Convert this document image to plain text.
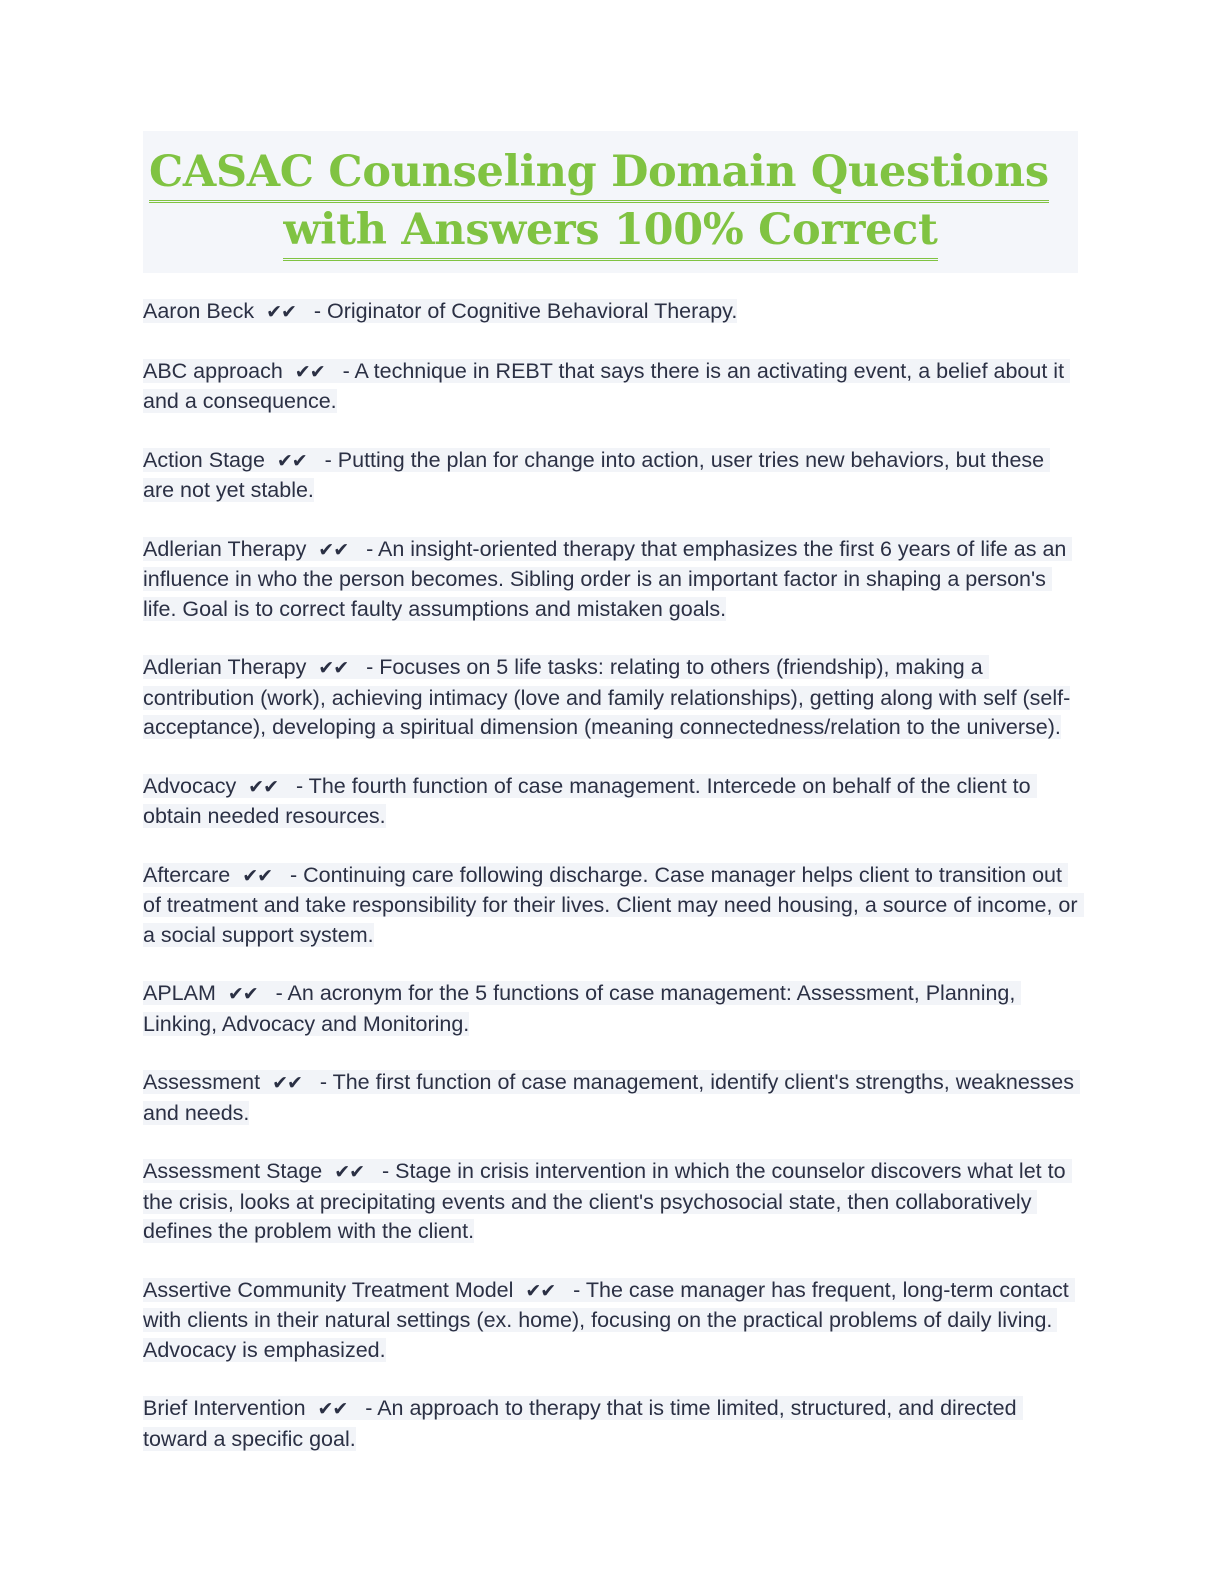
CASAC Counseling Domain Questions
with Answers 100% Correct

Aaron Beck ✔✔ - Originator of Cognitive Behavioral Therapy.

ABC approach ✔✔ - A technique in REBT that says there is an activating event, a belief about it and a consequence.

Action Stage ✔✔ - Putting the plan for change into action, user tries new behaviors, but these are not yet stable.

Adlerian Therapy ✔✔ - An insight-oriented therapy that emphasizes the first 6 years of life as an influence in who the person becomes. Sibling order is an important factor in shaping a person's life. Goal is to correct faulty assumptions and mistaken goals.

Adlerian Therapy ✔✔ - Focuses on 5 life tasks: relating to others (friendship), making a contribution (work), achieving intimacy (love and family relationships), getting along with self (self-acceptance), developing a spiritual dimension (meaning connectedness/relation to the universe).

Advocacy ✔✔ - The fourth function of case management. Intercede on behalf of the client to obtain needed resources.

Aftercare ✔✔ - Continuing care following discharge. Case manager helps client to transition out of treatment and take responsibility for their lives. Client may need housing, a source of income, or a social support system.

APLAM ✔✔ - An acronym for the 5 functions of case management: Assessment, Planning, Linking, Advocacy and Monitoring.

Assessment ✔✔ - The first function of case management, identify client's strengths, weaknesses and needs.

Assessment Stage ✔✔ - Stage in crisis intervention in which the counselor discovers what let to the crisis, looks at precipitating events and the client's psychosocial state, then collaboratively defines the problem with the client.

Assertive Community Treatment Model ✔✔ - The case manager has frequent, long-term contact with clients in their natural settings (ex. home), focusing on the practical problems of daily living. Advocacy is emphasized.

Brief Intervention ✔✔ - An approach to therapy that is time limited, structured, and directed toward a specific goal.
